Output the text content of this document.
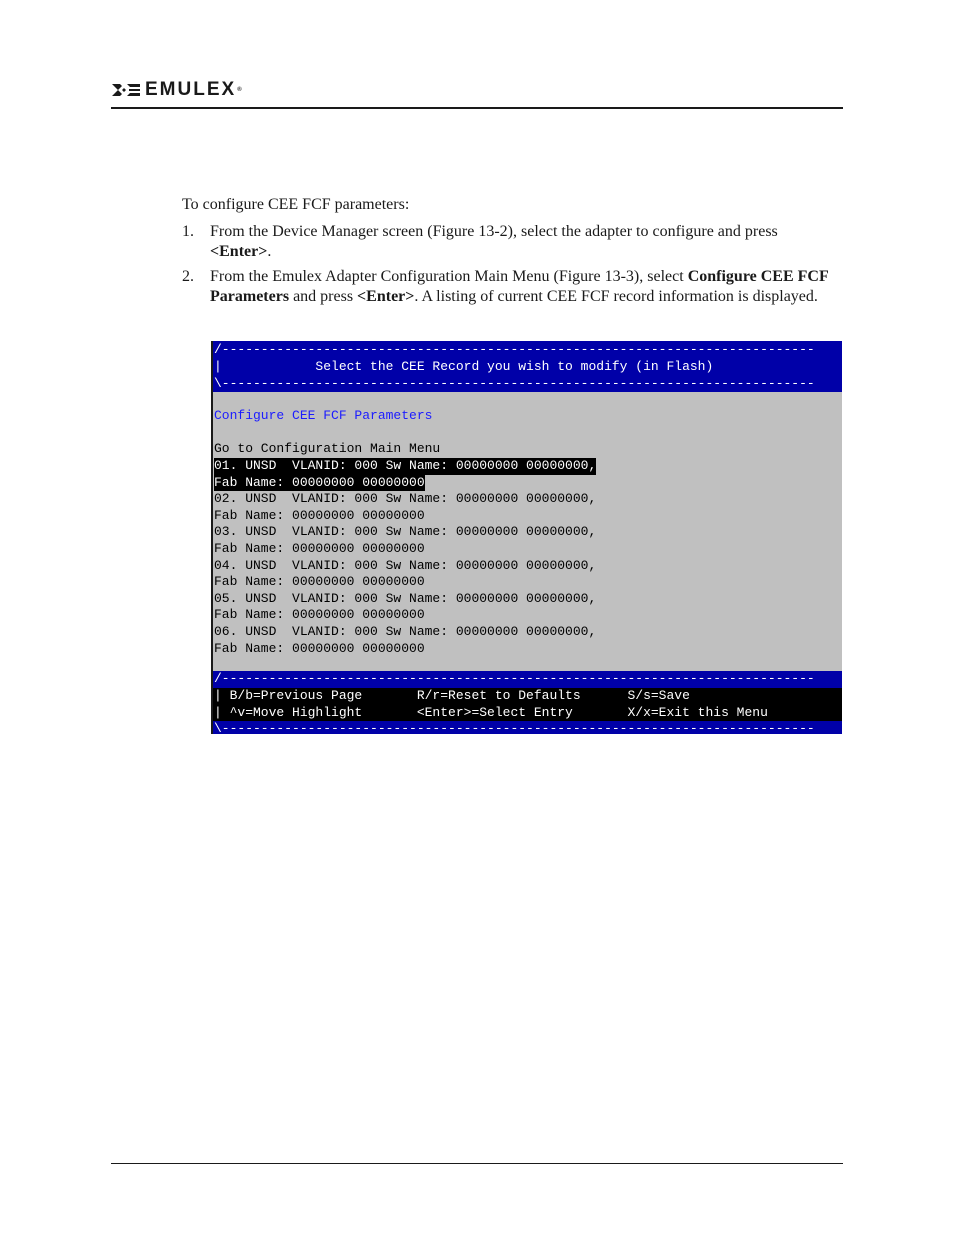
EMULEX®
To configure CEE FCF parameters:
1. From the Device Manager screen (Figure 13-2), select the adapter to configure and press <Enter>.
2. From the Emulex Adapter Configuration Main Menu (Figure 13-3), select Configure CEE FCF Parameters and press <Enter>. A listing of current CEE FCF record information is displayed.
/----------------------------------------------------------------------------
|            Select the CEE Record you wish to modify (in Flash)
\----------------------------------------------------------------------------
Configure CEE FCF Parameters
Go to Configuration Main Menu
01. UNSD  VLANID: 000 Sw Name: 00000000 00000000,
Fab Name: 00000000 00000000
02. UNSD  VLANID: 000 Sw Name: 00000000 00000000,
Fab Name: 00000000 00000000
03. UNSD  VLANID: 000 Sw Name: 00000000 00000000,
Fab Name: 00000000 00000000
04. UNSD  VLANID: 000 Sw Name: 00000000 00000000,
Fab Name: 00000000 00000000
05. UNSD  VLANID: 000 Sw Name: 00000000 00000000,
Fab Name: 00000000 00000000
06. UNSD  VLANID: 000 Sw Name: 00000000 00000000,
Fab Name: 00000000 00000000
/----------------------------------------------------------------------------
| B/b=Previous Page       R/r=Reset to Defaults      S/s=Save
| ^v=Move Highlight       <Enter>=Select Entry       X/x=Exit this Menu
\----------------------------------------------------------------------------
